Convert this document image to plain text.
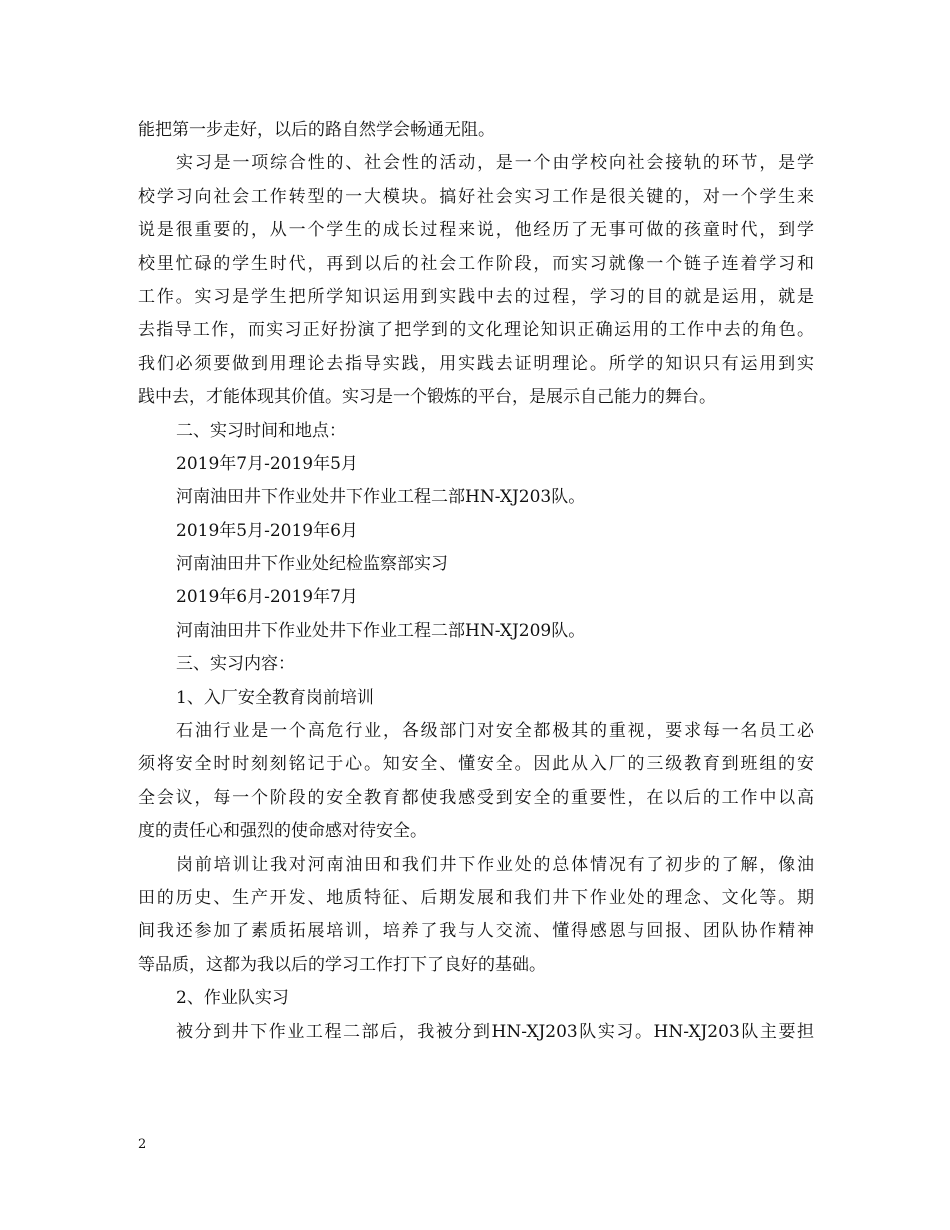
能把第一步走好，以后的路自然学会畅通无阻。
实习是一项综合性的、社会性的活动，是一个由学校向社会接轨的环节，是学
校学习向社会工作转型的一大模块。搞好社会实习工作是很关键的，对一个学生来
说是很重要的，从一个学生的成长过程来说，他经历了无事可做的孩童时代，到学
校里忙碌的学生时代，再到以后的社会工作阶段，而实习就像一个链子连着学习和
工作。实习是学生把所学知识运用到实践中去的过程，学习的目的就是运用，就是
去指导工作，而实习正好扮演了把学到的文化理论知识正确运用的工作中去的角色。
我们必须要做到用理论去指导实践，用实践去证明理论。所学的知识只有运用到实
践中去，才能体现其价值。实习是一个锻炼的平台，是展示自己能力的舞台。
二、实习时间和地点：
2019年7月-2019年5月
河南油田井下作业处井下作业工程二部HN-XJ203队。
2019年5月-2019年6月
河南油田井下作业处纪检监察部实习
2019年6月-2019年7月
河南油田井下作业处井下作业工程二部HN-XJ209队。
三、实习内容：
1、入厂安全教育岗前培训
石油行业是一个高危行业，各级部门对安全都极其的重视，要求每一名员工必
须将安全时时刻刻铭记于心。知安全、懂安全。因此从入厂的三级教育到班组的安
全会议，每一个阶段的安全教育都使我感受到安全的重要性，在以后的工作中以高
度的责任心和强烈的使命感对待安全。
岗前培训让我对河南油田和我们井下作业处的总体情况有了初步的了解，像油
田的历史、生产开发、地质特征、后期发展和我们井下作业处的理念、文化等。期
间我还参加了素质拓展培训，培养了我与人交流、懂得感恩与回报、团队协作精神
等品质，这都为我以后的学习工作打下了良好的基础。
2、作业队实习
被分到井下作业工程二部后，我被分到HN-XJ203队实习。HN-XJ203队主要担
2
